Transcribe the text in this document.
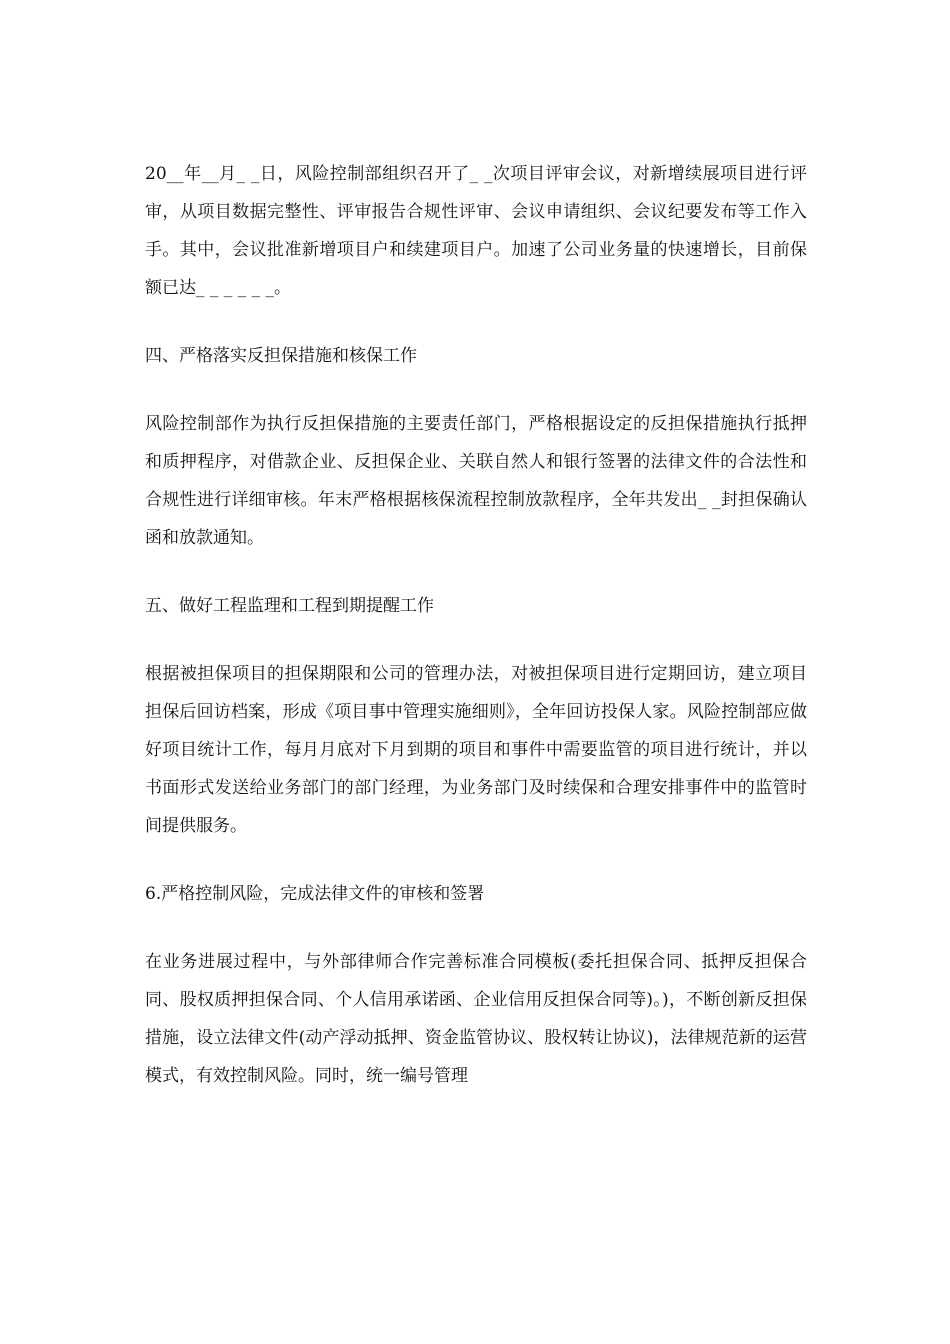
20__年__月_ _日，风险控制部组织召开了_ _次项目评审会议，对新增续展项目进行评审，从项目数据完整性、评审报告合规性评审、会议申请组织、会议纪要发布等工作入手。其中，会议批准新增项目户和续建项目户。加速了公司业务量的快速增长，目前保额已达_ _ _ _ _ _。

四、严格落实反担保措施和核保工作

风险控制部作为执行反担保措施的主要责任部门，严格根据设定的反担保措施执行抵押和质押程序，对借款企业、反担保企业、关联自然人和银行签署的法律文件的合法性和合规性进行详细审核。年末严格根据核保流程控制放款程序，全年共发出_ _封担保确认函和放款通知。

五、做好工程监理和工程到期提醒工作

根据被担保项目的担保期限和公司的管理办法，对被担保项目进行定期回访，建立项目担保后回访档案，形成《项目事中管理实施细则》，全年回访投保人家。风险控制部应做好项目统计工作，每月月底对下月到期的项目和事件中需要监管的项目进行统计，并以书面形式发送给业务部门的部门经理，为业务部门及时续保和合理安排事件中的监管时间提供服务。

6.严格控制风险，完成法律文件的审核和签署

在业务进展过程中，与外部律师合作完善标准合同模板(委托担保合同、抵押反担保合同、股权质押担保合同、个人信用承诺函、企业信用反担保合同等)。)，不断创新反担保措施，设立法律文件(动产浮动抵押、资金监管协议、股权转让协议)，法律规范新的运营模式，有效控制风险。同时，统一编号管理
